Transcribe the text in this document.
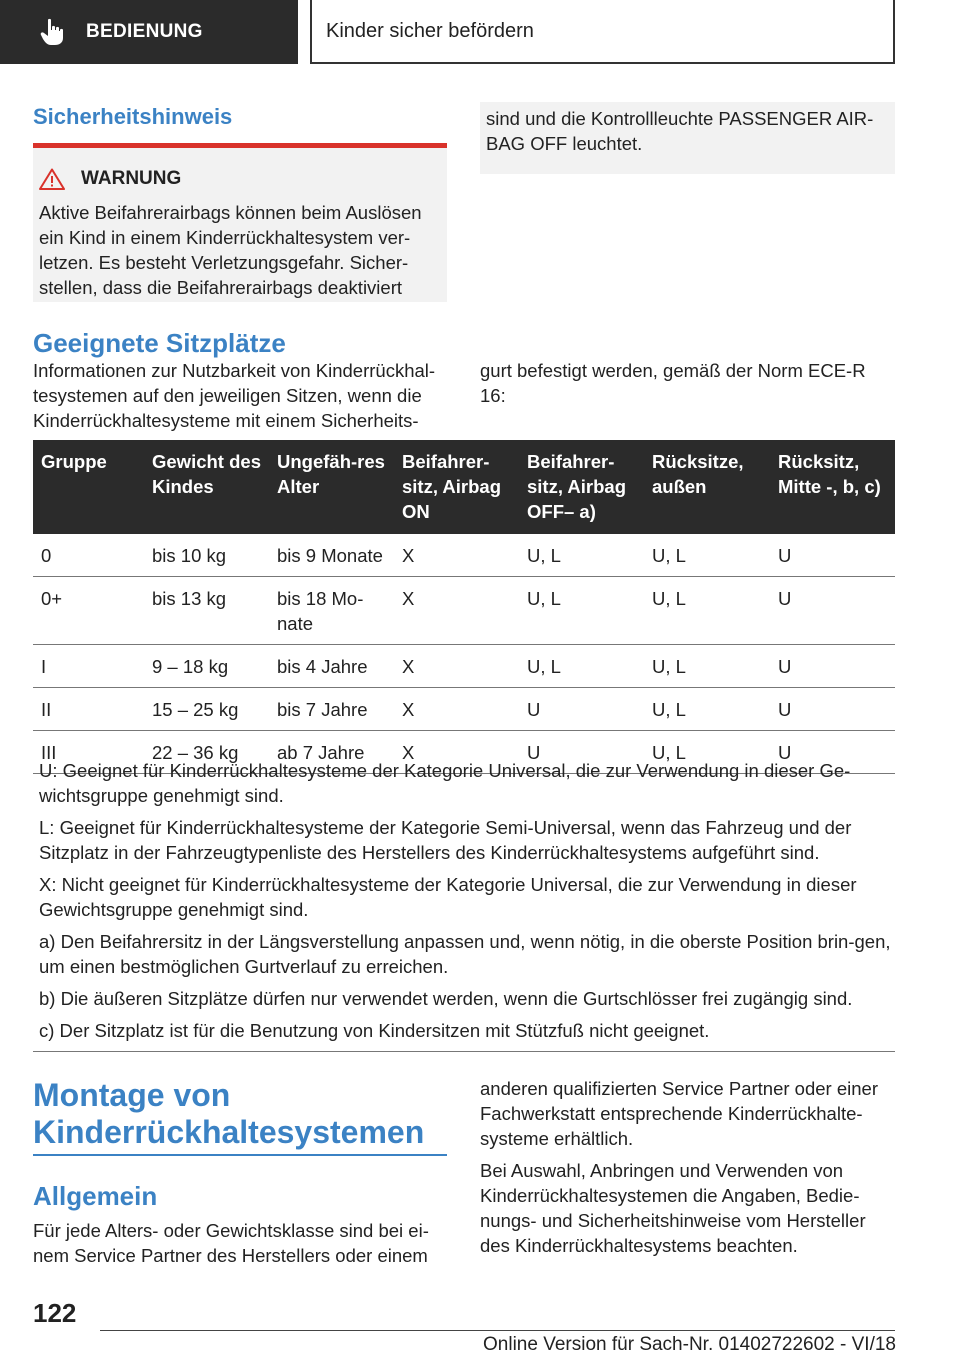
BEDIENUNG	Kinder sicher befördern
Sicherheitshinweis
WARNUNG
Aktive Beifahrerairbags können beim Auslösen ein Kind in einem Kinderrückhaltesystem ver-letzen. Es besteht Verletzungsgefahr. Sicher-stellen, dass die Beifahrerairbags deaktiviert
sind und die Kontrollleuchte PASSENGER AIR-BAG OFF leuchtet.
Geeignete Sitzplätze
Informationen zur Nutzbarkeit von Kinderrückhal-tesystemen auf den jeweiligen Sitzen, wenn die Kinderrückhaltesysteme mit einem Sicherheits-
gurt befestigt werden, gemäß der Norm ECE-R 16:
Gruppe	Gewicht des Kindes	Ungefäh-res Alter	Beifahrer-sitz, Airbag ON	Beifahrer-sitz, Airbag OFF– a)	Rücksitze, außen	Rücksitz, Mitte -, b, c)
0	bis 10 kg	bis 9 Monate	X	U, L	U, L	U
0+	bis 13 kg	bis 18 Mo-nate	X	U, L	U, L	U
I	9 – 18 kg	bis 4 Jahre	X	U, L	U, L	U
II	15 – 25 kg	bis 7 Jahre	X	U	U, L	U
III	22 – 36 kg	ab 7 Jahre	X	U	U, L	U

U: Geeignet für Kinderrückhaltesysteme der Kategorie Universal, die zur Verwendung in dieser Ge-wichtsgruppe genehmigt sind.

L: Geeignet für Kinderrückhaltesysteme der Kategorie Semi-Universal, wenn das Fahrzeug und der Sitzplatz in der Fahrzeugtypenliste des Herstellers des Kinderrückhaltesystems aufgeführt sind.

X: Nicht geeignet für Kinderrückhaltesysteme der Kategorie Universal, die zur Verwendung in dieser Gewichtsgruppe genehmigt sind.

a) Den Beifahrersitz in der Längsverstellung anpassen und, wenn nötig, in die oberste Position brin-gen, um einen bestmöglichen Gurtverlauf zu erreichen.

b) Die äußeren Sitzplätze dürfen nur verwendet werden, wenn die Gurtschlösser frei zugängig sind.

c) Der Sitzplatz ist für die Benutzung von Kindersitzen mit Stützfuß nicht geeignet.

Montage von
Kinderrückhaltesystemen
Allgemein
Für jede Alters- oder Gewichtsklasse sind bei ei-nem Service Partner des Herstellers oder einem
anderen qualifizierten Service Partner oder einer Fachwerkstatt entsprechende Kinderrückhalte-systeme erhältlich.
Bei Auswahl, Anbringen und Verwenden von Kinderrückhaltesystemen die Angaben, Bedie-nungs- und Sicherheitshinweise vom Hersteller des Kinderrückhaltesystems beachten.
122
Online Version für Sach-Nr. 01402722602 - VI/18
